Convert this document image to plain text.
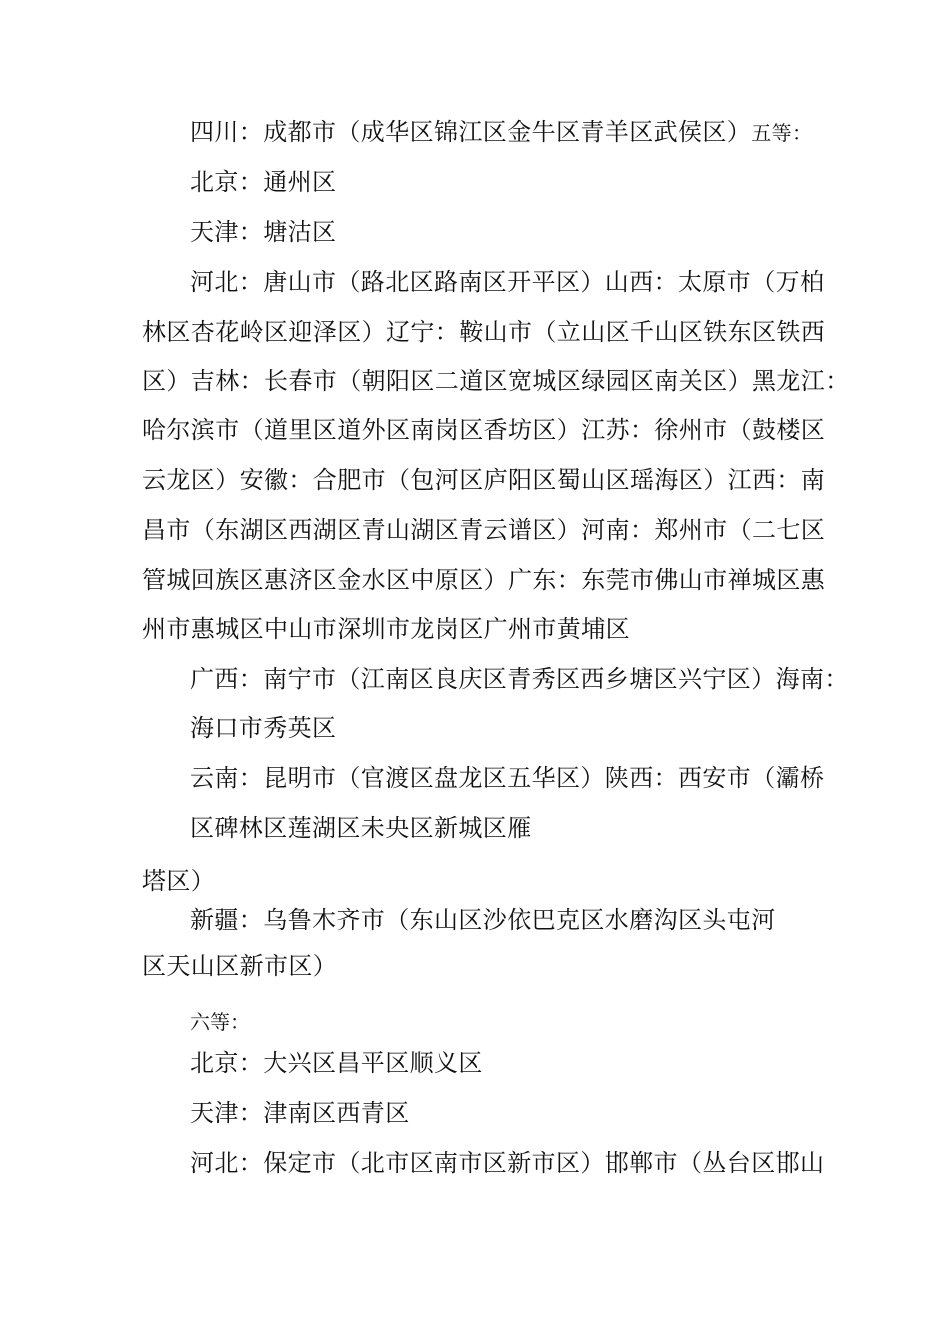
四川：成都市（成华区锦江区金牛区青羊区武侯区）五等：
北京：通州区
天津：塘沽区
河北：唐山市（路北区路南区开平区）山西：太原市（万柏
林区杏花岭区迎泽区）辽宁：鞍山市（立山区千山区铁东区铁西
区）吉林：长春市（朝阳区二道区宽城区绿园区南关区）黑龙江：
哈尔滨市（道里区道外区南岗区香坊区）江苏：徐州市（鼓楼区
云龙区）安徽：合肥市（包河区庐阳区蜀山区瑶海区）江西：南
昌市（东湖区西湖区青山湖区青云谱区）河南：郑州市（二七区
管城回族区惠济区金水区中原区）广东：东莞市佛山市禅城区惠
州市惠城区中山市深圳市龙岗区广州市黄埔区
广西：南宁市（江南区良庆区青秀区西乡塘区兴宁区）海南：
海口市秀英区
云南：昆明市（官渡区盘龙区五华区）陕西：西安市（灞桥
区碑林区莲湖区未央区新城区雁
塔区）
新疆：乌鲁木齐市（东山区沙依巴克区水磨沟区头屯河
区天山区新市区）
六等：
北京：大兴区昌平区顺义区
天津：津南区西青区
河北：保定市（北市区南市区新市区）邯郸市（丛台区邯山
